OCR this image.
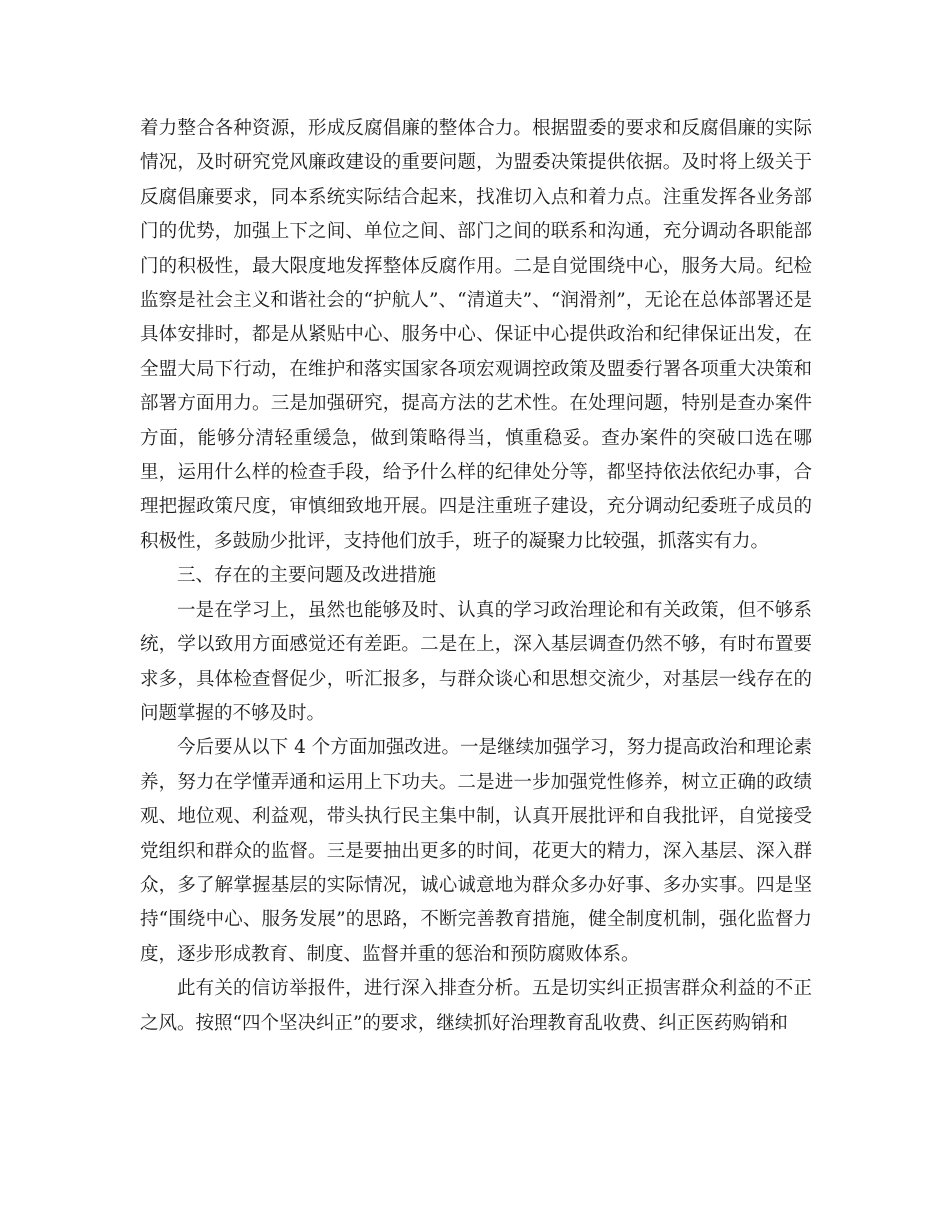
着力整合各种资源，形成反腐倡廉的整体合力。根据盟委的要求和反腐倡廉的实际情况，及时研究党风廉政建设的重要问题，为盟委决策提供依据。及时将上级关于反腐倡廉要求，同本系统实际结合起来，找准切入点和着力点。注重发挥各业务部门的优势，加强上下之间、单位之间、部门之间的联系和沟通，充分调动各职能部门的积极性，最大限度地发挥整体反腐作用。二是自觉围绕中心，服务大局。纪检监察是社会主义和谐社会的“护航人”、“清道夫”、“润滑剂”，无论在总体部署还是具体安排时，都是从紧贴中心、服务中心、保证中心提供政治和纪律保证出发，在全盟大局下行动，在维护和落实国家各项宏观调控政策及盟委行署各项重大决策和部署方面用力。三是加强研究，提高方法的艺术性。在处理问题，特别是查办案件方面，能够分清轻重缓急，做到策略得当，慎重稳妥。查办案件的突破口选在哪里，运用什么样的检查手段，给予什么样的纪律处分等，都坚持依法依纪办事，合理把握政策尺度，审慎细致地开展。四是注重班子建设，充分调动纪委班子成员的积极性，多鼓励少批评，支持他们放手，班子的凝聚力比较强，抓落实有力。

三、存在的主要问题及改进措施

一是在学习上，虽然也能够及时、认真的学习政治理论和有关政策，但不够系统，学以致用方面感觉还有差距。二是在上，深入基层调查仍然不够，有时布置要求多，具体检查督促少，听汇报多，与群众谈心和思想交流少，对基层一线存在的问题掌握的不够及时。

今后要从以下 4 个方面加强改进。一是继续加强学习，努力提高政治和理论素养，努力在学懂弄通和运用上下功夫。二是进一步加强党性修养，树立正确的政绩观、地位观、利益观，带头执行民主集中制，认真开展批评和自我批评，自觉接受党组织和群众的监督。三是要抽出更多的时间，花更大的精力，深入基层、深入群众，多了解掌握基层的实际情况，诚心诚意地为群众多办好事、多办实事。四是坚持“围绕中心、服务发展”的思路，不断完善教育措施，健全制度机制，强化监督力度，逐步形成教育、制度、监督并重的惩治和预防腐败体系。

此有关的信访举报件，进行深入排查分析。五是切实纠正损害群众利益的不正之风。按照“四个坚决纠正”的要求，继续抓好治理教育乱收费、纠正医药购销和
